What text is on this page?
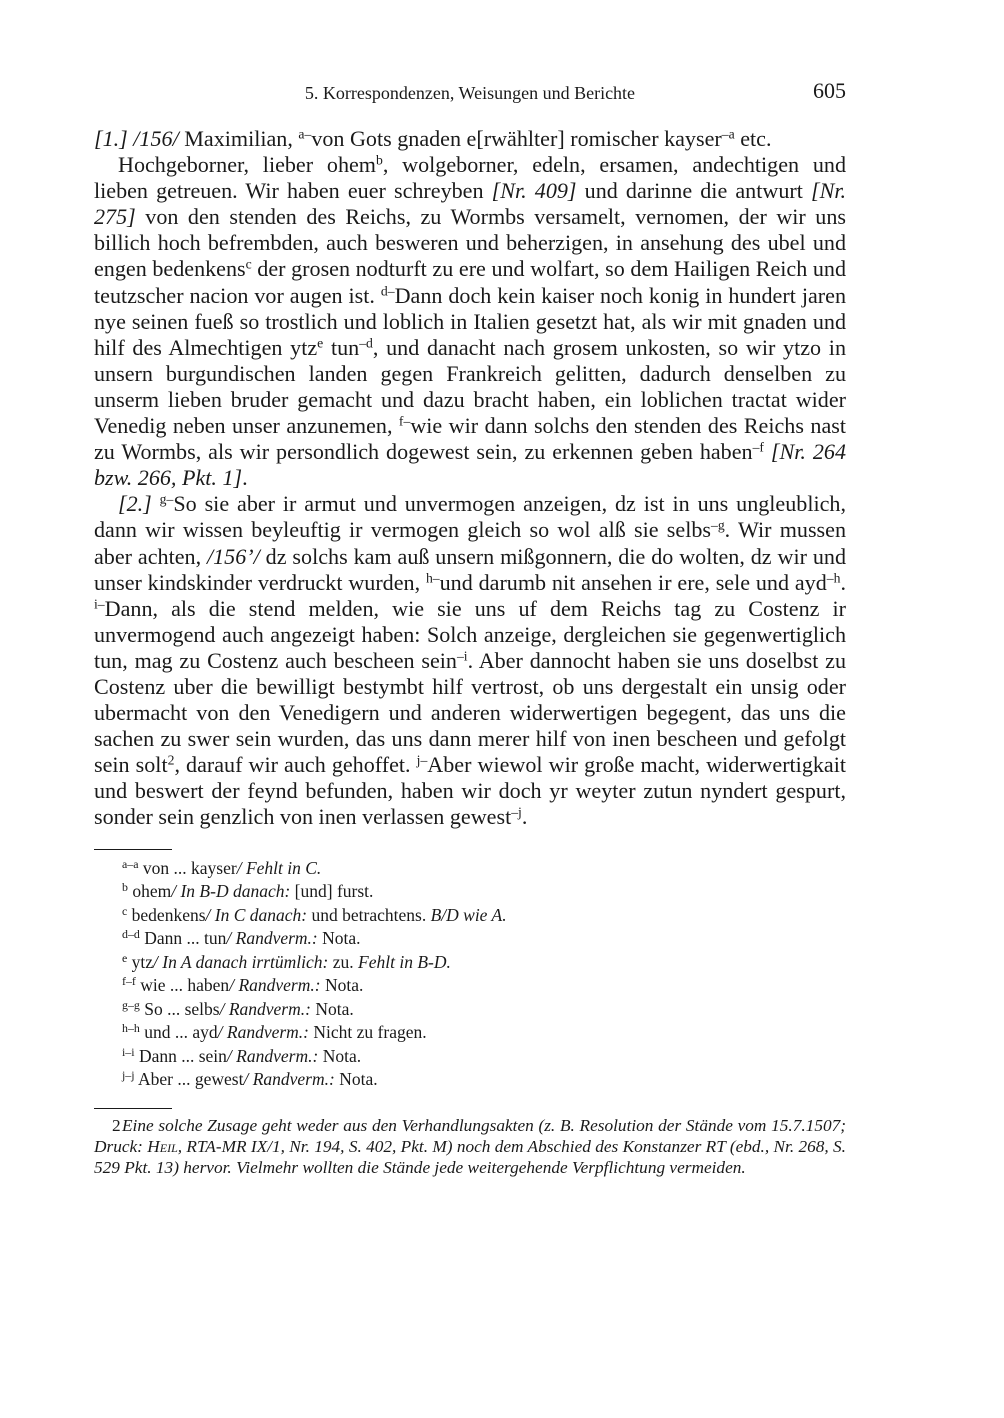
5. Korrespondenzen, Weisungen und Berichte	605

[1.] /156/ Maximilian, $^{a-}$von Gots gnaden e[rwählter] romischer kayser$^{-a}$ etc.

Hochgeborner, lieber ohem$^b$, wolgeborner, edeln, ersamen, andechtigen und lieben getreuen. Wir haben euer schreyben [Nr. 409] und darinne die antwurt [Nr. 275] von den stenden des Reichs, zu Wormbs versamelt, vernomen, der wir uns billich hoch befrembden, auch besweren und beherzigen, in ansehung des ubel und engen bedenkens$^c$ der grosen nodturft zu ere und wolfart, so dem Hailigen Reich und teutzscher nacion vor augen ist. $^{d-}$Dann doch kein kaiser noch konig in hundert jaren nye seinen fueß so trostlich und loblich in Italien gesetzt hat, als wir mit gnaden und hilf des Almechtigen ytz$^e$ tun$^{-d}$, und danacht nach grosem unkosten, so wir ytzo in unsern burgundischen landen gegen Frankreich gelitten, dadurch denselben zu unserm lieben bruder gemacht und dazu bracht haben, ein loblichen tractat wider Venedig neben unser anzunemen, $^{f-}$wie wir dann solchs den stenden des Reichs nast zu Wormbs, als wir persondlich dogewest sein, zu erkennen geben haben$^{-f}$ [Nr. 264 bzw. 266, Pkt. 1].

[2.] $^{g-}$So sie aber ir armut und unvermogen anzeigen, dz ist in uns ungleublich, dann wir wissen beyleuftig ir vermogen gleich so wol alß sie selbs$^{-g}$. Wir mussen aber achten, /156’/ dz solchs kam auß unsern mißgonnern, die do wolten, dz wir und unser kindskinder verdruckt wurden, $^{h-}$und darumb nit ansehen ir ere, sele und ayd$^{-h}$. $^{i-}$Dann, als die stend melden, wie sie uns uf dem Reichs tag zu Costenz ir unvermogend auch angezeigt haben: Solch anzeige, dergleichen sie gegenwertiglich tun, mag zu Costenz auch bescheen sein$^{-i}$. Aber dannocht haben sie uns doselbst zu Costenz uber die bewilligt bestymbt hilf vertrost, ob uns dergestalt ein unsig oder ubermacht von den Venedigern und anderen widerwertigen begegent, das uns die sachen zu swer sein wurden, das uns dann merer hilf von inen bescheen und gefolgt sein solt$^2$, darauf wir auch gehoffet. $^{j-}$Aber wiewol wir große macht, widerwertigkait und beswert der feynd befunden, haben wir doch yr weyter zutun nyndert gespurt, sonder sein genzlich von inen verlassen gewest$^{-j}$.

$^{a-a}$ von ... kayser/ Fehlt in C.
$^b$ ohem/ In B-D danach: [und] furst.
$^c$ bedenkens/ In C danach: und betrachtens. B/D wie A.
$^{d-d}$ Dann ... tun/ Randverm.: Nota.
$^e$ ytz/ In A danach irrtümlich: zu. Fehlt in B-D.
$^{f-f}$ wie ... haben/ Randverm.: Nota.
$^{g-g}$ So ... selbs/ Randverm.: Nota.
$^{h-h}$ und ... ayd/ Randverm.: Nicht zu fragen.
$^{i-i}$ Dann ... sein/ Randverm.: Nota.
$^{j-j}$ Aber ... gewest/ Randverm.: Nota.
2Eine solche Zusage geht weder aus den Verhandlungsakten (z. B. Resolution der Stände vom 15.7.1507; Druck: Heil, RTA-MR IX/1, Nr. 194, S. 402, Pkt. M) noch dem Abschied des Konstanzer RT (ebd., Nr. 268, S. 529 Pkt. 13) hervor. Vielmehr wollten die Stände jede weitergehende Verpflichtung vermeiden.
